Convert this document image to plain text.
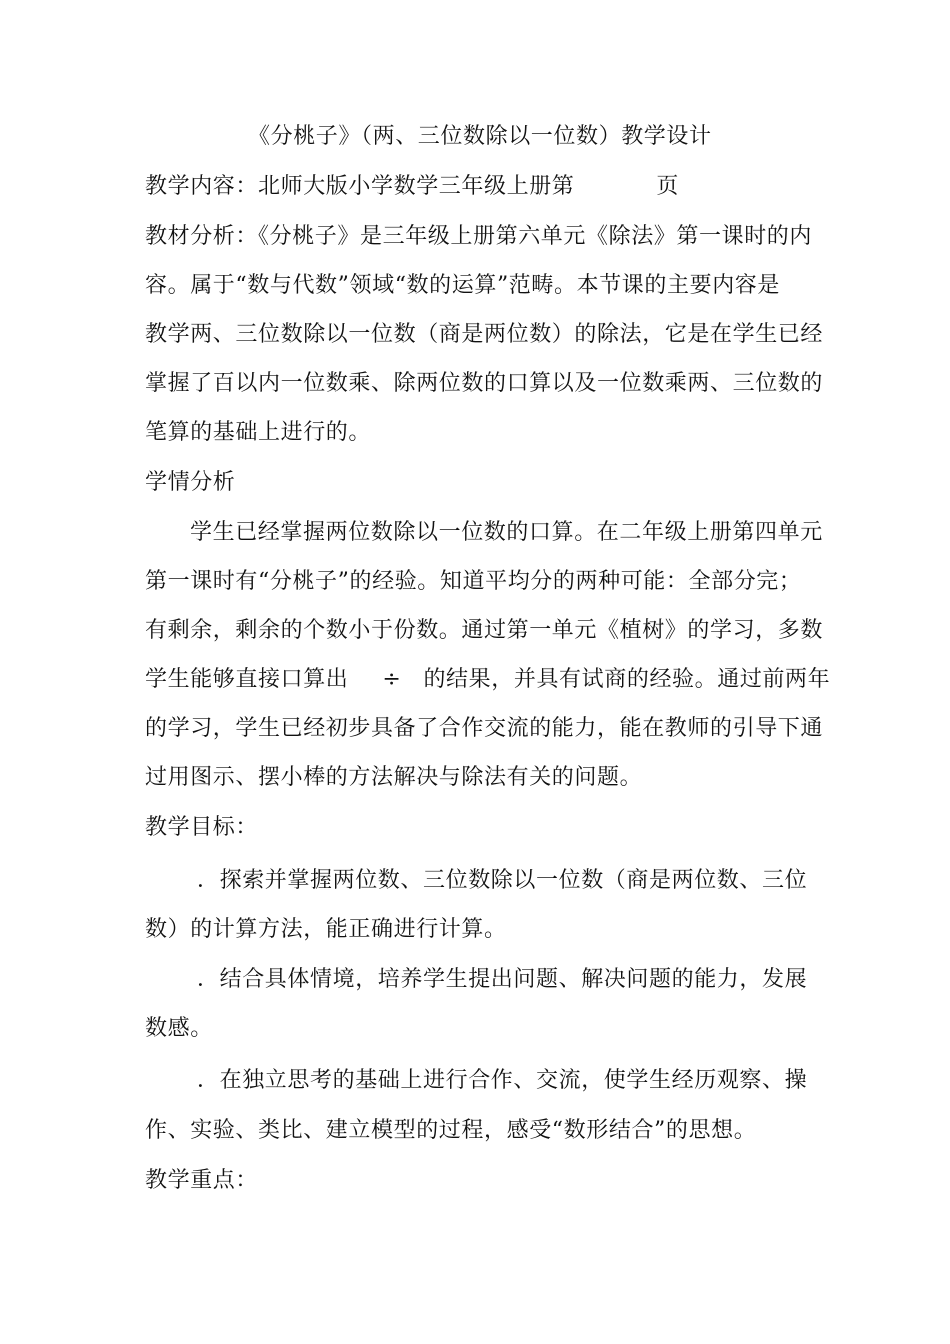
《分桃子》（两、三位数除以一位数）教学设计
教学内容：北师大版小学数学三年级上册第	页
教材分析：《分桃子》是三年级上册第六单元《除法》第一课时的内
容。属于“数与代数”领域“数的运算”范畴。本节课的主要内容是
教学两、三位数除以一位数（商是两位数）的除法，它是在学生已经
掌握了百以内一位数乘、除两位数的口算以及一位数乘两、三位数的
笔算的基础上进行的。
学情分析
学生已经掌握两位数除以一位数的口算。在二年级上册第四单元
第一课时有“分桃子”的经验。知道平均分的两种可能：全部分完；
有剩余，剩余的个数小于份数。通过第一单元《植树》的学习，多数
学生能够直接口算出 ÷ 的结果，并具有试商的经验。通过前两年
的学习，学生已经初步具备了合作交流的能力，能在教师的引导下通
过用图示、摆小棒的方法解决与除法有关的问题。
教学目标：
．探索并掌握两位数、三位数除以一位数（商是两位数、三位
数）的计算方法，能正确进行计算。
．结合具体情境，培养学生提出问题、解决问题的能力，发展
数感。
．在独立思考的基础上进行合作、交流，使学生经历观察、操
作、实验、类比、建立模型的过程，感受“数形结合”的思想。
教学重点：
